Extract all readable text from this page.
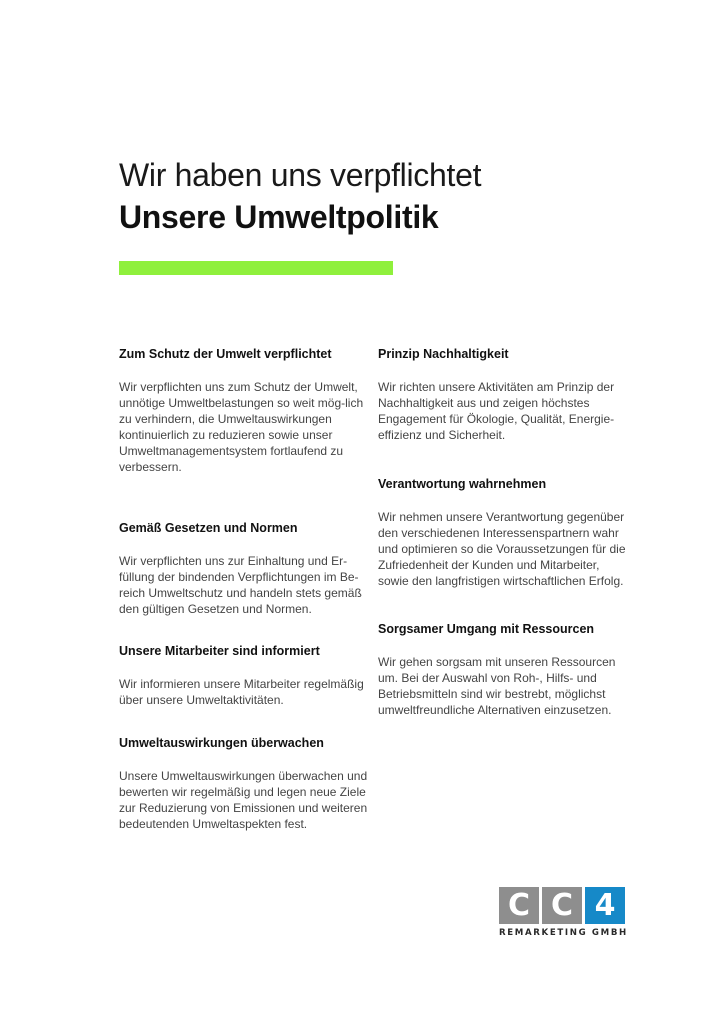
Wir haben uns verpflichtet
Unsere Umweltpolitik
Zum Schutz der Umwelt verpflichtet

Wir verpflichten uns zum Schutz der Umwelt, unnötige Umweltbelastungen so weit mög-lich zu verhindern, die Umweltauswirkungen kontinuierlich zu reduzieren sowie unser Umweltmanagementsystem fortlaufend zu verbessern.

Gemäß Gesetzen und Normen

Wir verpflichten uns zur Einhaltung und Er-füllung der bindenden Verpflichtungen im Be-reich Umweltschutz und handeln stets gemäß den gültigen Gesetzen und Normen.

Unsere Mitarbeiter sind informiert

Wir informieren unsere Mitarbeiter regelmäßig über unsere Umweltaktivitäten.

Umweltauswirkungen überwachen

Unsere Umweltauswirkungen überwachen und bewerten wir regelmäßig und legen neue Ziele zur Reduzierung von Emissionen und weiteren bedeutenden Umweltaspekten fest.

Prinzip Nachhaltigkeit

Wir richten unsere Aktivitäten am Prinzip der Nachhaltigkeit aus und zeigen höchstes Engagement für Ökologie, Qualität, Energie-effizienz und Sicherheit.

Verantwortung wahrnehmen

Wir nehmen unsere Verantwortung gegenüber den verschiedenen Interessenspartnern wahr und optimieren so die Voraussetzungen für die Zufriedenheit der Kunden und Mitarbeiter, sowie den langfristigen wirtschaftlichen Erfolg.

Sorgsamer Umgang mit Ressourcen

Wir gehen sorgsam mit unseren Ressourcen um. Bei der Auswahl von Roh-, Hilfs- und Betriebsmitteln sind wir bestrebt, möglichst umweltfreundliche Alternativen einzusetzen.

C C 4
REMARKETING GMBH
